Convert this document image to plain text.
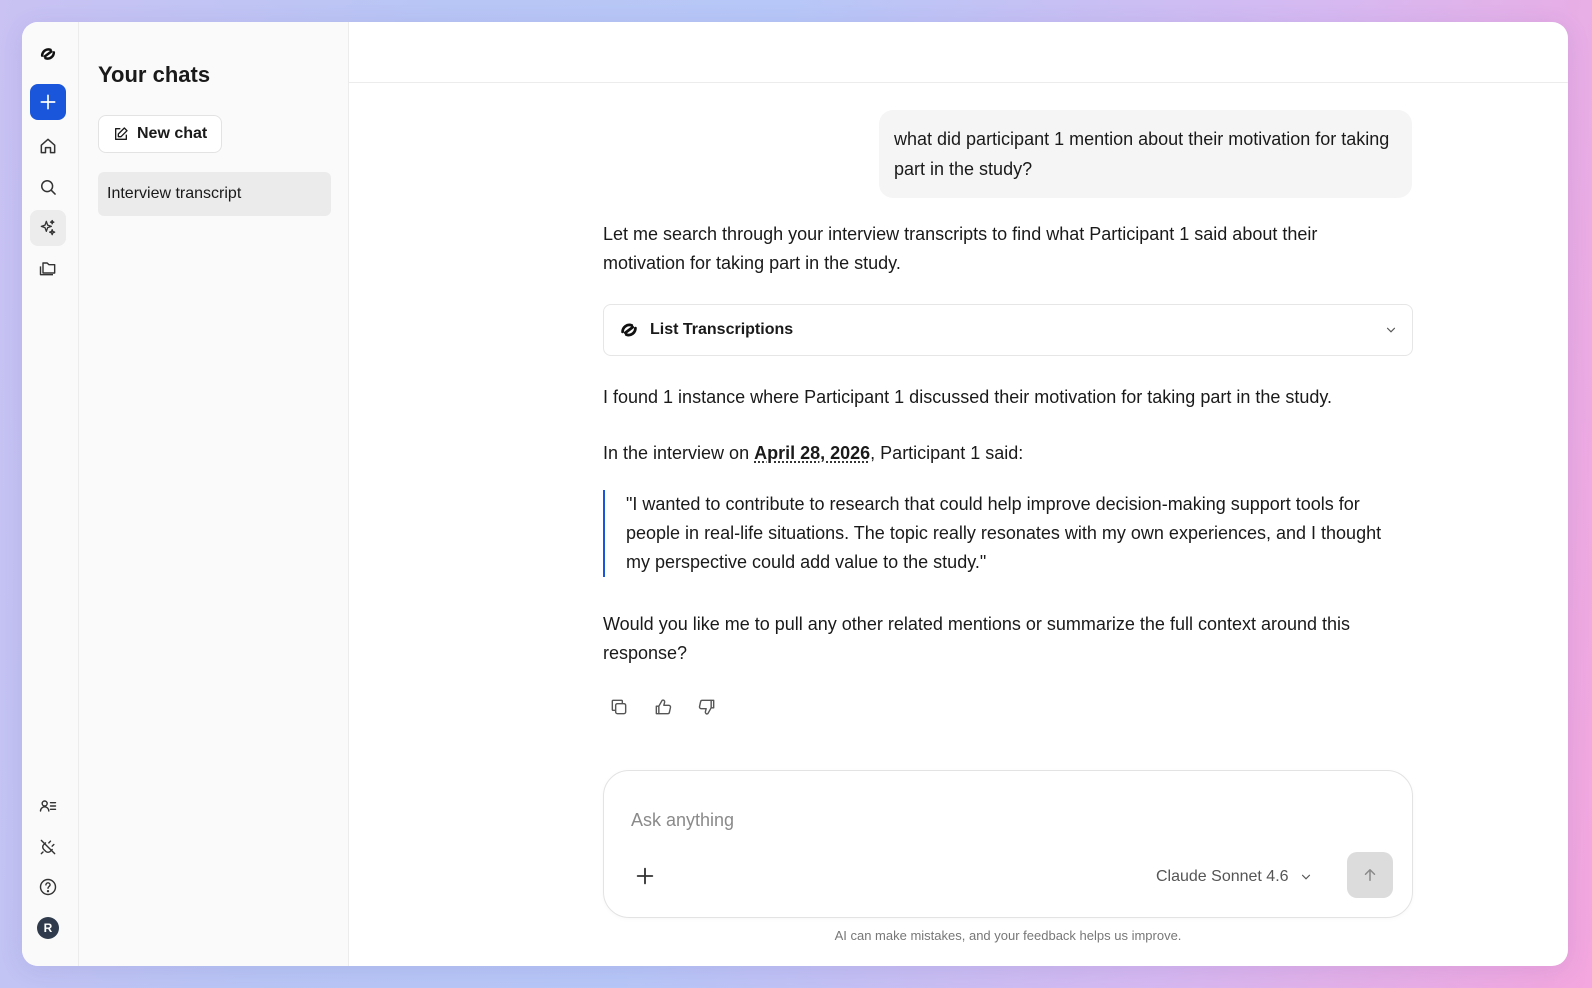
R
Your chats
New chat
Interview transcript
what did participant 1 mention about their motivation for taking part in the study?

Let me search through your interview transcripts to find what Participant 1 said about their motivation for taking part in the study.

List Transcriptions

I found 1 instance where Participant 1 discussed their motivation for taking part in the study.

In the interview on April 28, 2026, Participant 1 said:

"I wanted to contribute to research that could help improve decision-making support tools for people in real-life situations. The topic really resonates with my own experiences, and I thought my perspective could add value to the study."

Would you like me to pull any other related mentions or summarize the full context around this response?

Ask anything
Claude Sonnet 4.6

AI can make mistakes, and your feedback helps us improve.
